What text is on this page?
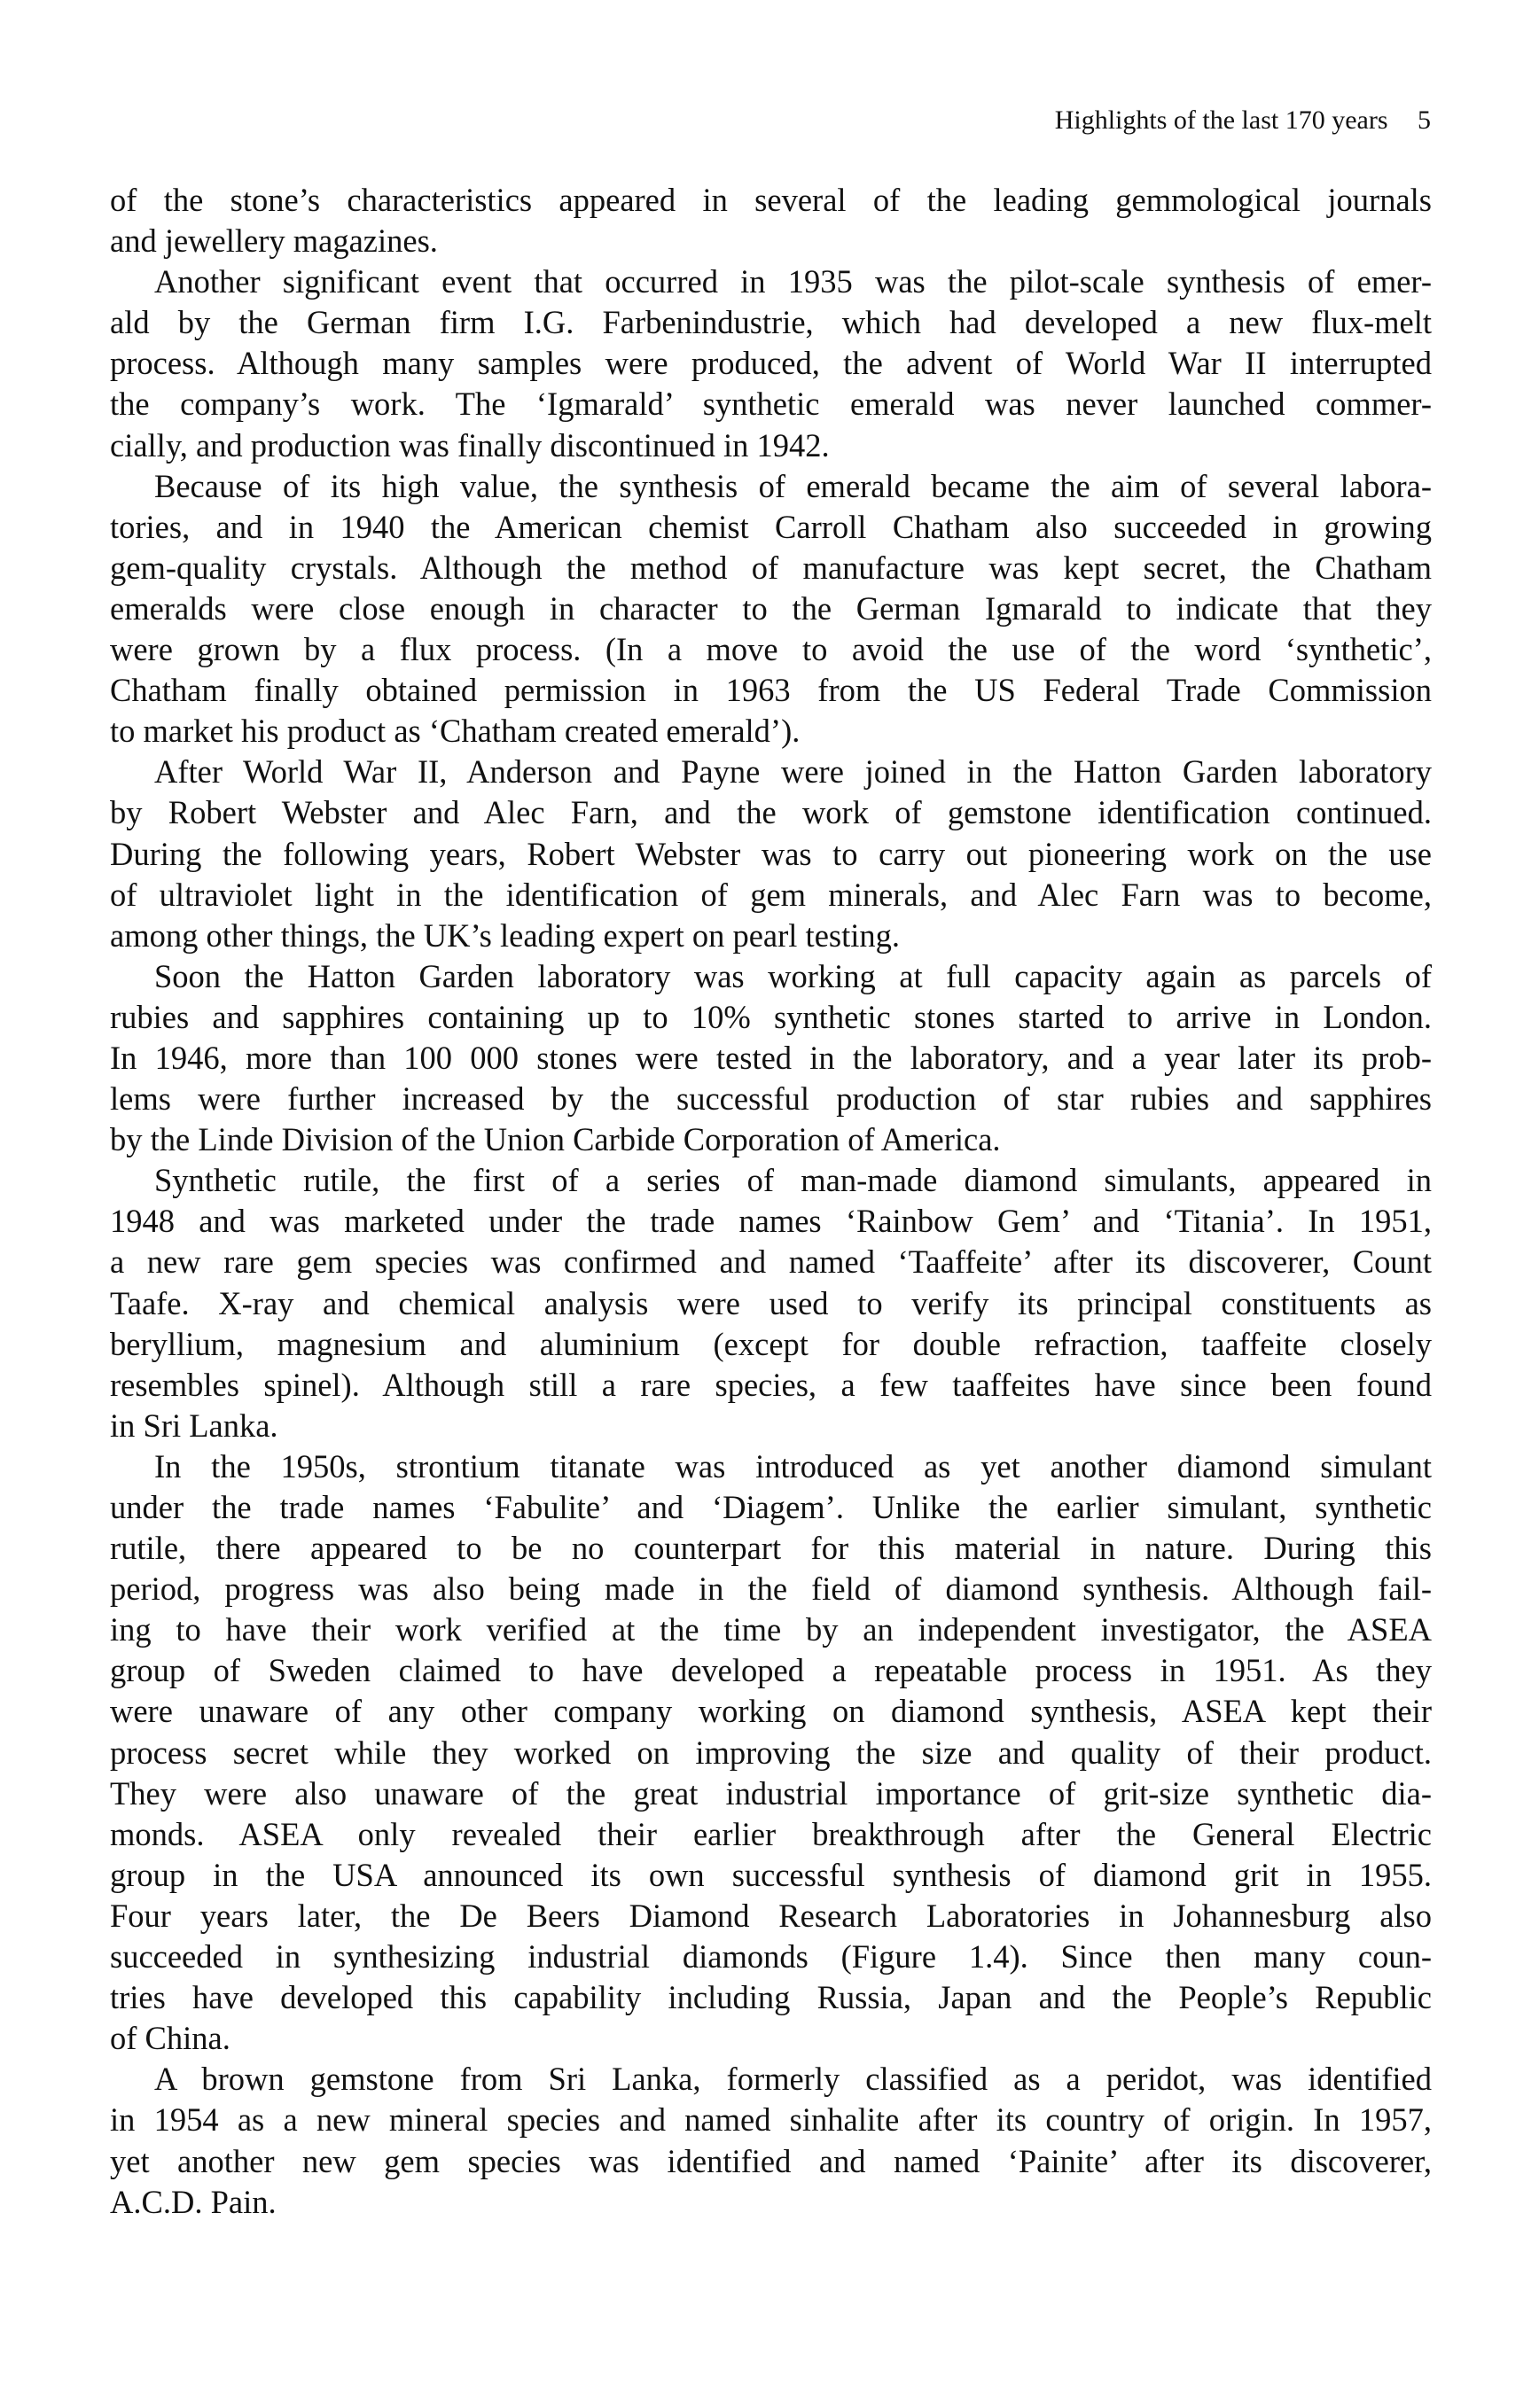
Highlights of the last 170 years 5
of the stone’s characteristics appeared in several of the leading gemmological journals
and jewellery magazines.
Another significant event that occurred in 1935 was the pilot-scale synthesis of emer-
ald by the German firm I.G. Farbenindustrie, which had developed a new flux-melt
process. Although many samples were produced, the advent of World War II interrupted
the company’s work. The ‘Igmarald’ synthetic emerald was never launched commer-
cially, and production was finally discontinued in 1942.
Because of its high value, the synthesis of emerald became the aim of several labora-
tories, and in 1940 the American chemist Carroll Chatham also succeeded in growing
gem-quality crystals. Although the method of manufacture was kept secret, the Chatham
emeralds were close enough in character to the German Igmarald to indicate that they
were grown by a flux process. (In a move to avoid the use of the word ‘synthetic’,
Chatham finally obtained permission in 1963 from the US Federal Trade Commission
to market his product as ‘Chatham created emerald’).
After World War II, Anderson and Payne were joined in the Hatton Garden laboratory
by Robert Webster and Alec Farn, and the work of gemstone identification continued.
During the following years, Robert Webster was to carry out pioneering work on the use
of ultraviolet light in the identification of gem minerals, and Alec Farn was to become,
among other things, the UK’s leading expert on pearl testing.
Soon the Hatton Garden laboratory was working at full capacity again as parcels of
rubies and sapphires containing up to 10% synthetic stones started to arrive in London.
In 1946, more than 100 000 stones were tested in the laboratory, and a year later its prob-
lems were further increased by the successful production of star rubies and sapphires
by the Linde Division of the Union Carbide Corporation of America.
Synthetic rutile, the first of a series of man-made diamond simulants, appeared in
1948 and was marketed under the trade names ‘Rainbow Gem’ and ‘Titania’. In 1951,
a new rare gem species was confirmed and named ‘Taaffeite’ after its discoverer, Count
Taafe. X-ray and chemical analysis were used to verify its principal constituents as
beryllium, magnesium and aluminium (except for double refraction, taaffeite closely
resembles spinel). Although still a rare species, a few taaffeites have since been found
in Sri Lanka.
In the 1950s, strontium titanate was introduced as yet another diamond simulant
under the trade names ‘Fabulite’ and ‘Diagem’. Unlike the earlier simulant, synthetic
rutile, there appeared to be no counterpart for this material in nature. During this
period, progress was also being made in the field of diamond synthesis. Although fail-
ing to have their work verified at the time by an independent investigator, the ASEA
group of Sweden claimed to have developed a repeatable process in 1951. As they
were unaware of any other company working on diamond synthesis, ASEA kept their
process secret while they worked on improving the size and quality of their product.
They were also unaware of the great industrial importance of grit-size synthetic dia-
monds. ASEA only revealed their earlier breakthrough after the General Electric
group in the USA announced its own successful synthesis of diamond grit in 1955.
Four years later, the De Beers Diamond Research Laboratories in Johannesburg also
succeeded in synthesizing industrial diamonds (Figure 1.4). Since then many coun-
tries have developed this capability including Russia, Japan and the People’s Republic
of China.
A brown gemstone from Sri Lanka, formerly classified as a peridot, was identified
in 1954 as a new mineral species and named sinhalite after its country of origin. In 1957,
yet another new gem species was identified and named ‘Painite’ after its discoverer,
A.C.D. Pain.
